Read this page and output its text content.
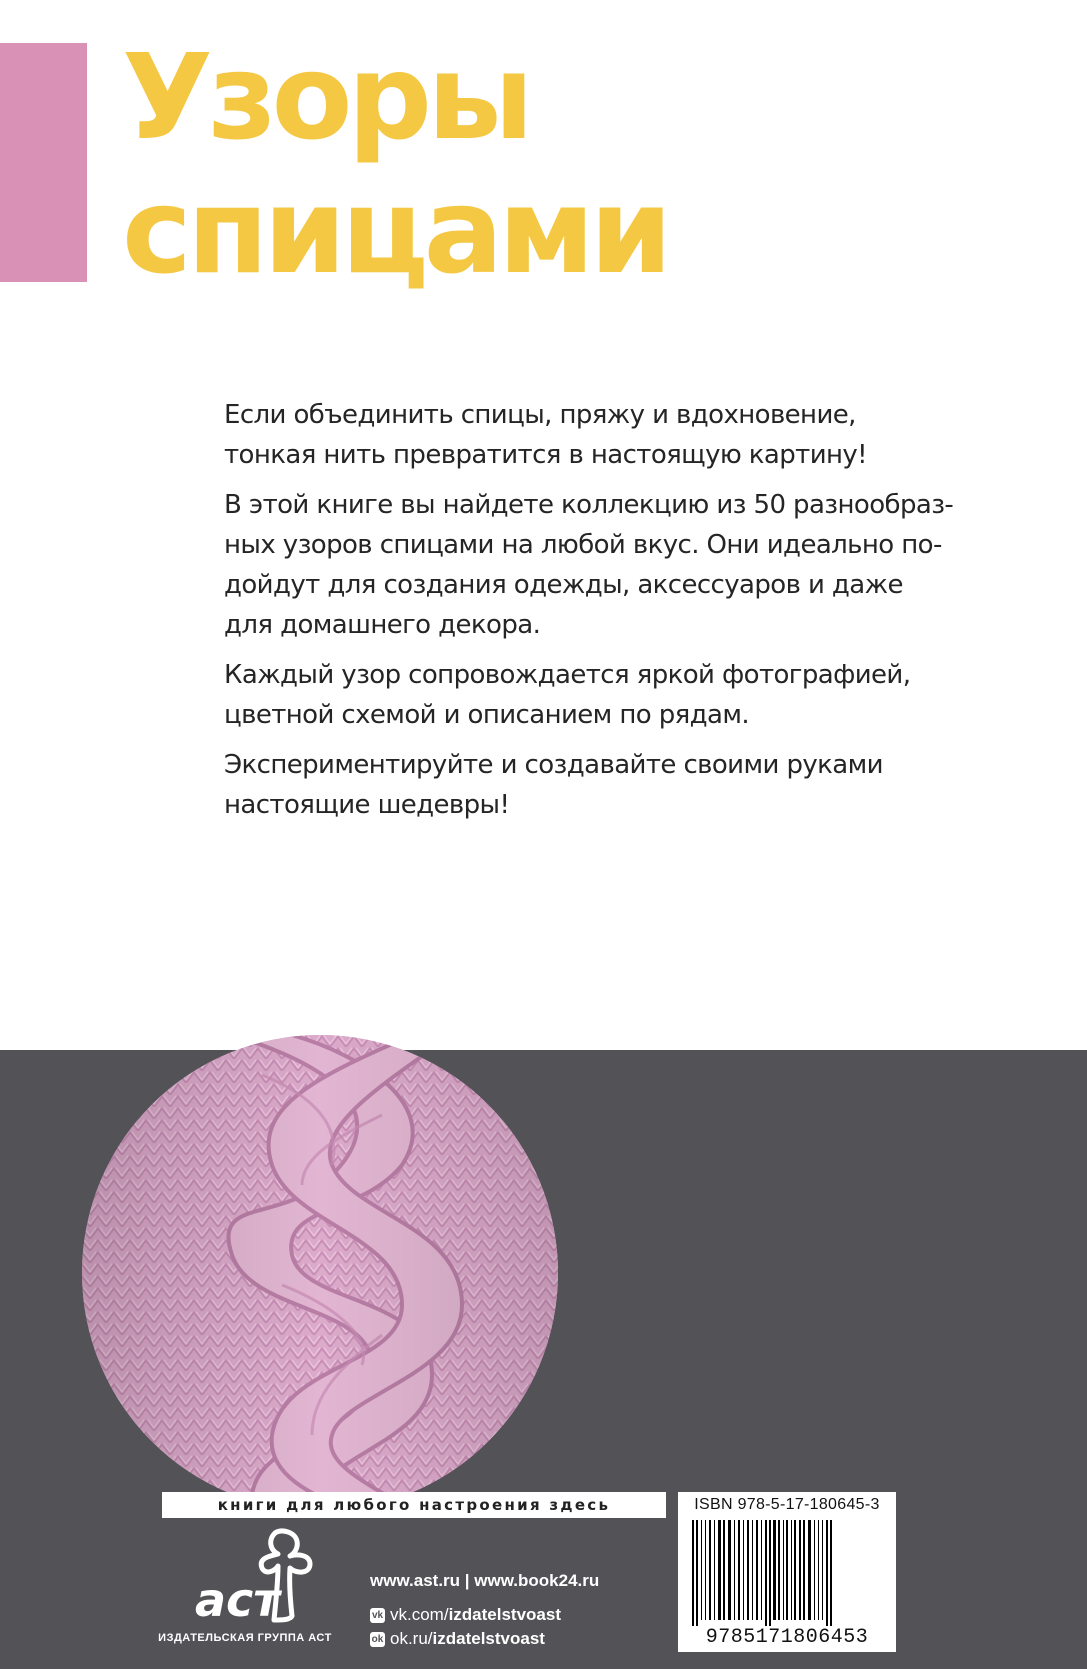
Узоры
спицами

Если объединить спицы, пряжу и вдохновение,
тонкая нить превратится в настоящую картину!

В этой книге вы найдете коллекцию из 50 разнообраз-
ных узоров спицами на любой вкус. Они идеально по-
дойдут для создания одежды, аксессуаров и даже
для домашнего декора.

Каждый узор сопровождается яркой фотографией,
цветной схемой и описанием по рядам.

Экспериментируйте и создавайте своими руками
настоящие шедевры!

книги для любого настроения здесь
аст
ИЗДАТЕЛЬСКАЯ ГРУППА АСТ
www.ast.ru | www.book24.ru
vk vk.com/ izdatelstvoast
ok ok.ru/ izdatelstvoast
ISBN 978-5-17-180645-3
9785171806453
